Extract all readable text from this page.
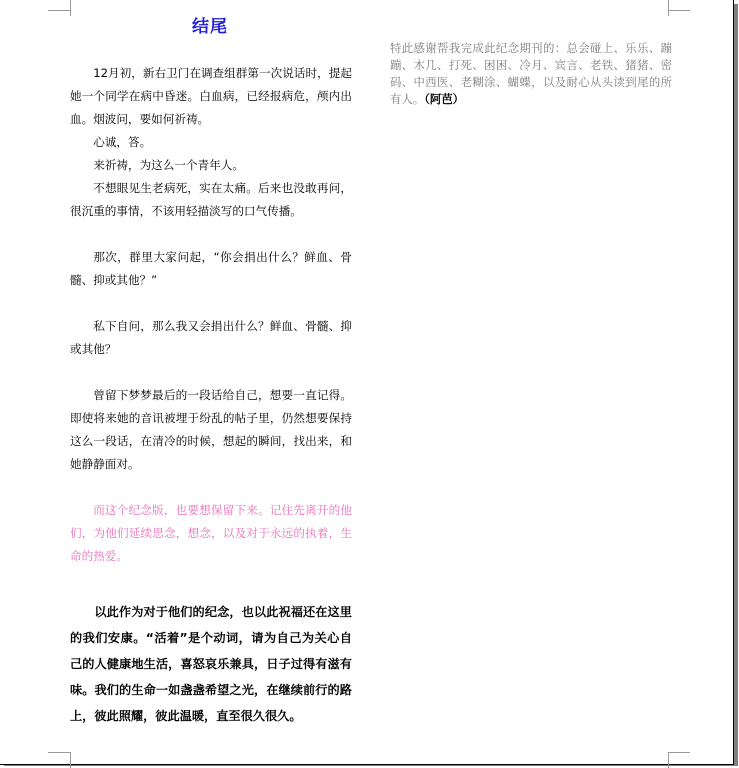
结尾

12月初，新右卫门在调查组群第一次说话时，提起她一个同学在病中昏迷。白血病，已经报病危，颅内出血。烟波问，要如何祈祷。

心诚，答。

来祈祷，为这么一个青年人。

不想眼见生老病死，实在太痛。后来也没敢再问，很沉重的事情，不该用轻描淡写的口气传播。

那次，群里大家问起，“你会捐出什么？鲜血、骨髓、抑或其他？”

私下自问，那么我又会捐出什么？鲜血、骨髓、抑或其他？

曾留下梦梦最后的一段话给自己，想要一直记得。即使将来她的音讯被埋于纷乱的帖子里，仍然想要保持这么一段话，在清冷的时候，想起的瞬间，找出来，和她静静面对。

而这个纪念版，也要想保留下来。记住先离开的他们，为他们延续思念，想念，以及对于永远的执着，生命的热爱。

以此作为对于他们的纪念，也以此祝福还在这里的我们安康。“活着”是个动词，请为自己为关心自己的人健康地生活，喜怒哀乐兼具，日子过得有滋有味。我们的生命一如盏盏希望之光，在继续前行的路上，彼此照耀，彼此温暖，直至很久很久。

特此感谢帮我完成此纪念期刊的：总会碰上、乐乐、蹦蹦、木几、打死、困困、冷月、宾言、老铁、猪猪、密码、中西医、老糊涂、蝴蝶，以及耐心从头读到尾的所有人。（阿芭）
